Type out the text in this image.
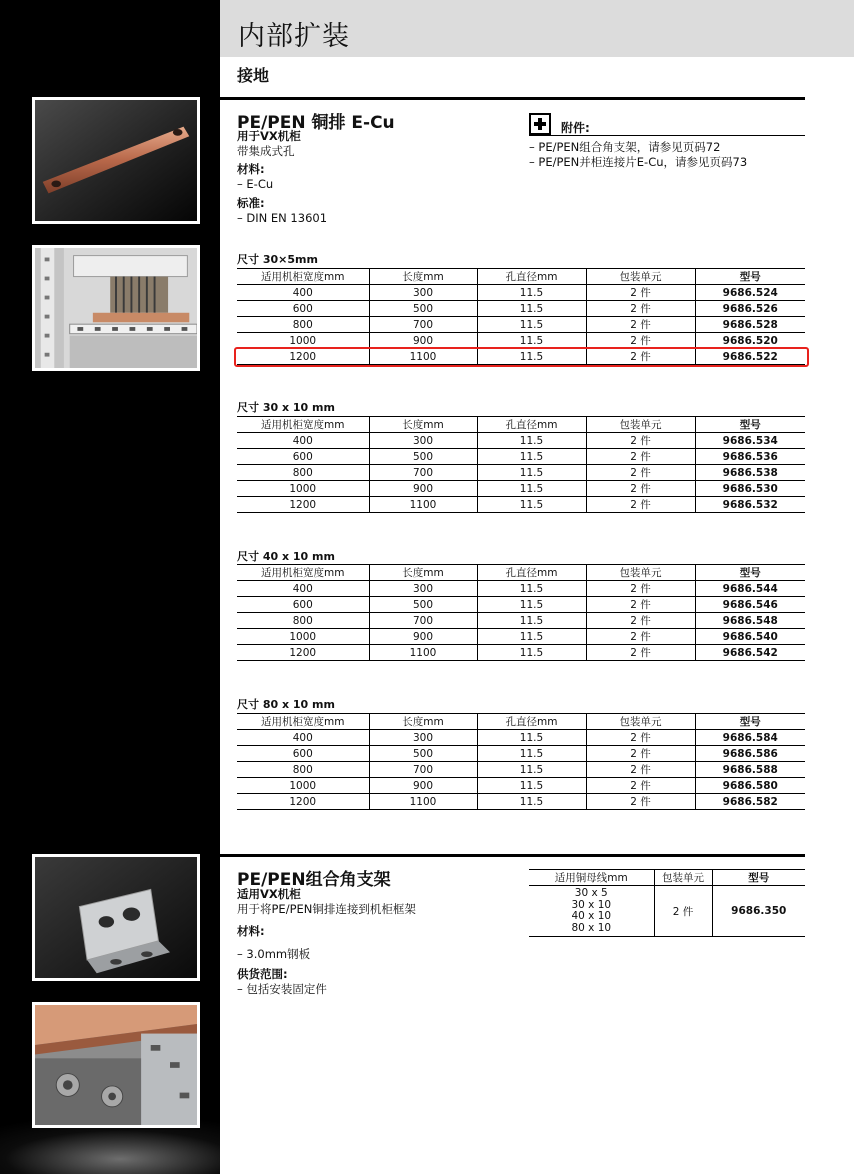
内部扩装
接地
PE/PEN 铜排 E-Cu
用于VX机柜
带集成式孔
材料:
– E-Cu
标准:
– DIN EN 13601
附件:
– PE/PEN组合角支架，请参见页码72
– PE/PEN并柜连接片E-Cu，请参见页码73
尺寸 30×5mm
适用机柜宽度mm	长度mm	孔直径mm	包装单元	型号
400	300	11.5	2 件	9686.524
600	500	11.5	2 件	9686.526
800	700	11.5	2 件	9686.528
1000	900	11.5	2 件	9686.520
1200	1100	11.5	2 件	9686.522
尺寸 30 x 10 mm
适用机柜宽度mm	长度mm	孔直径mm	包装单元	型号
400	300	11.5	2 件	9686.534
600	500	11.5	2 件	9686.536
800	700	11.5	2 件	9686.538
1000	900	11.5	2 件	9686.530
1200	1100	11.5	2 件	9686.532
尺寸 40 x 10 mm
适用机柜宽度mm	长度mm	孔直径mm	包装单元	型号
400	300	11.5	2 件	9686.544
600	500	11.5	2 件	9686.546
800	700	11.5	2 件	9686.548
1000	900	11.5	2 件	9686.540
1200	1100	11.5	2 件	9686.542
尺寸 80 x 10 mm
适用机柜宽度mm	长度mm	孔直径mm	包装单元	型号
400	300	11.5	2 件	9686.584
600	500	11.5	2 件	9686.586
800	700	11.5	2 件	9686.588
1000	900	11.5	2 件	9686.580
1200	1100	11.5	2 件	9686.582
PE/PEN组合角支架
适用VX机柜
用于将PE/PEN铜排连接到机柜框架
材料:
– 3.0mm钢板
供货范围:
– 包括安装固定件
适用铜母线mm	包装单元	型号

30 x 5
30 x 10
40 x 10
80 x 10	2 件	9686.350
